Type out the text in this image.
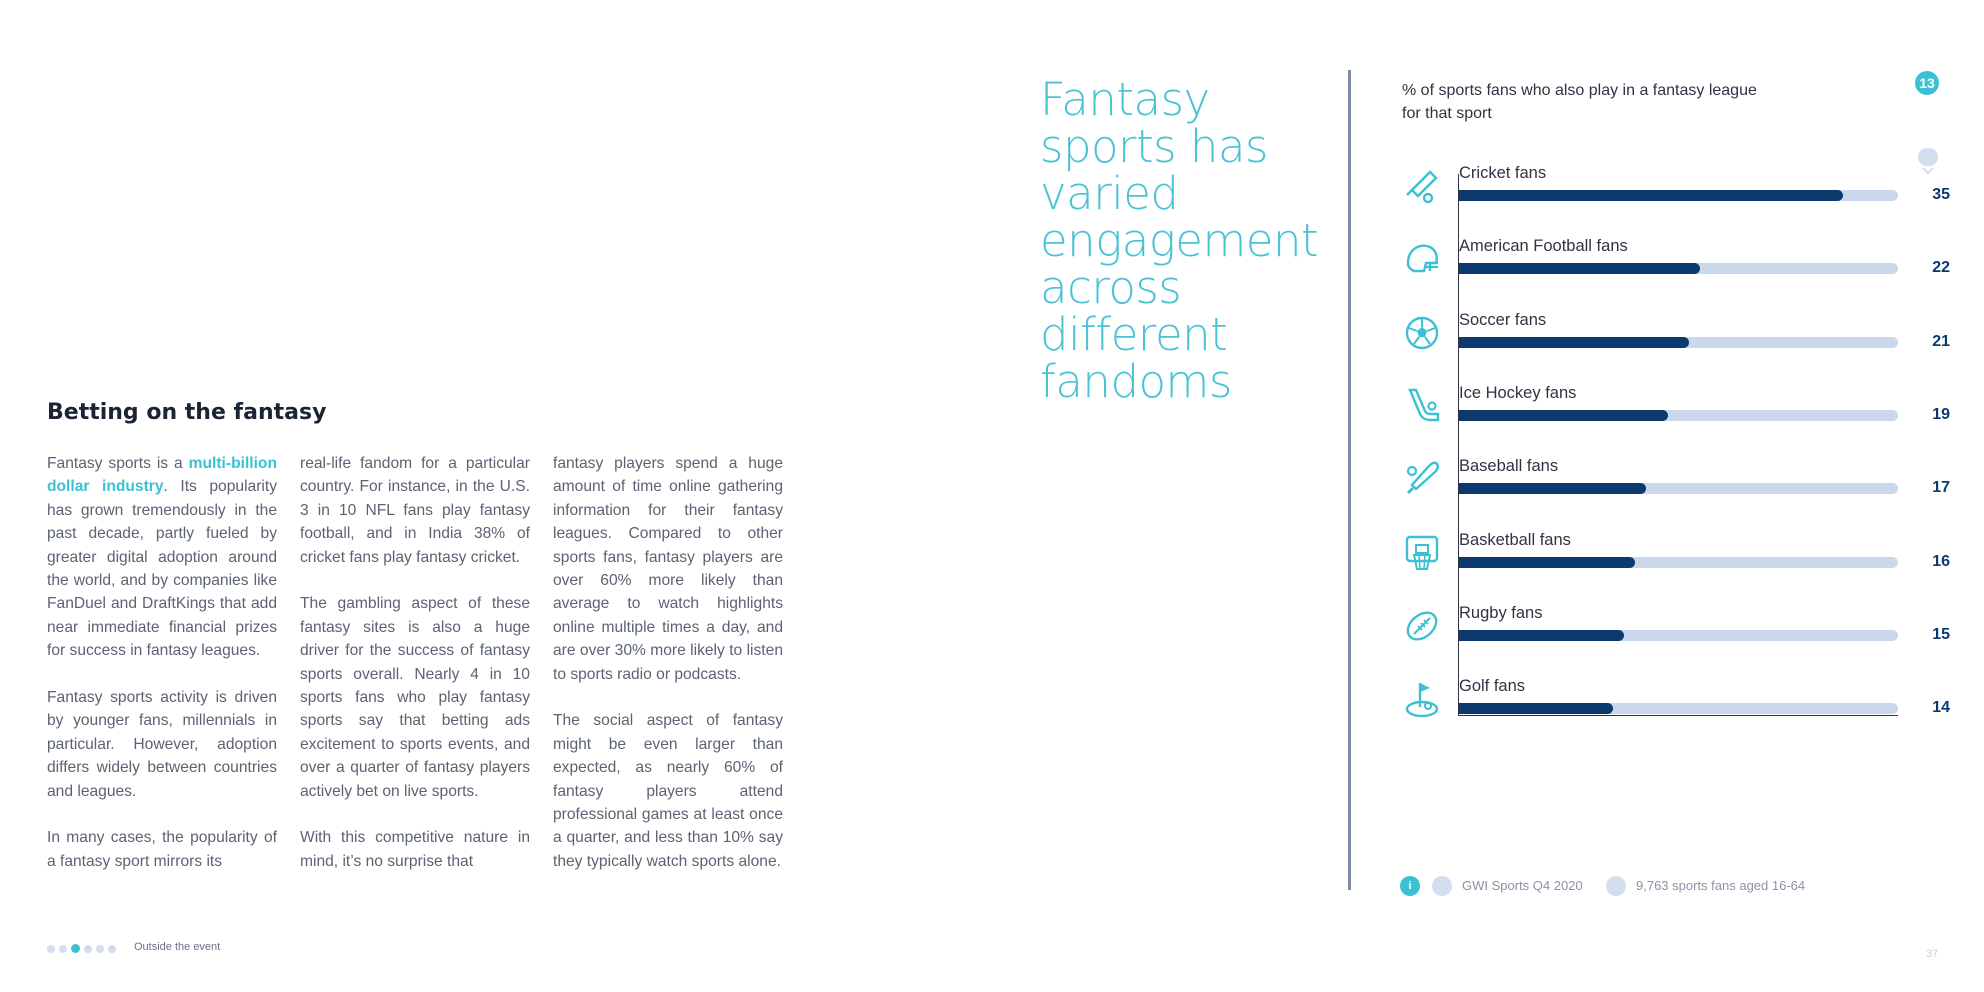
Betting on the fantasy

Fantasy sports is a multi-billion dollar industry. Its popularity has grown tremendously in the past decade, partly fueled by greater digital adoption around the world, and by companies like FanDuel and DraftKings that add near immediate financial prizes for success in fantasy leagues.

Fantasy sports activity is driven by younger fans, millennials in particular. However, adoption differs widely between countries and leagues.

In many cases, the popularity of a fantasy sport mirrors its

real-life fandom for a particular country. For instance, in the U.S. 3 in 10 NFL fans play fantasy football, and in India 38% of cricket fans play fantasy cricket.

The gambling aspect of these fantasy sites is also a huge driver for the success of fantasy sports overall. Nearly 4 in 10 sports fans who play fantasy sports say that betting ads excitement to sports events, and over a quarter of fantasy players actively bet on live sports.

With this competitive nature in mind, it’s no surprise that

fantasy players spend a huge amount of time online gathering information for their fantasy leagues. Compared to other sports fans, fantasy players are over 60% more likely than average to watch highlights online multiple times a day, and are over 30% more likely to listen to sports radio or podcasts.

The social aspect of fantasy might be even larger than expected, as nearly 60% of fantasy players attend professional games at least once a quarter, and less than 10% say they typically watch sports alone.

Outside the event
Fantasy sports has varied engagement across different fandoms
% of sports fans who also play in a fantasy league for that sport
Cricket fans
35
American Football fans
22
Soccer fans
21
Ice Hockey fans
19
Baseball fans
17
Basketball fans
16
Rugby fans
15
Golf fans
14
13
i	GWI Sports Q4 2020	9,763 sports fans aged 16-64
37
